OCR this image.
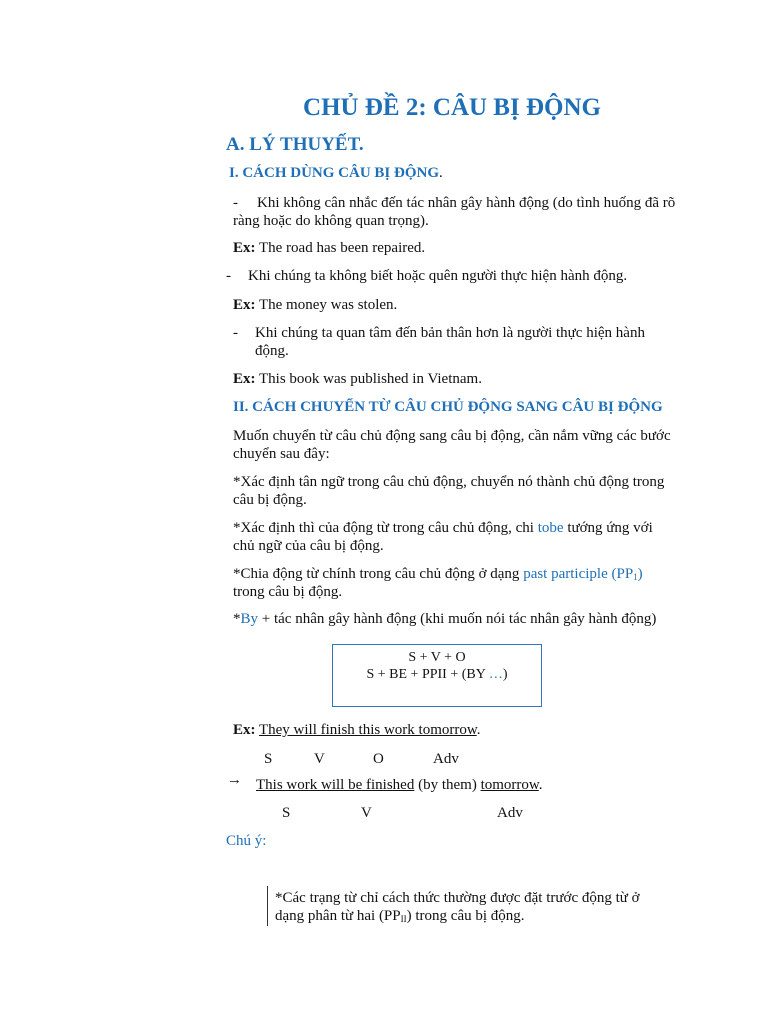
CHỦ ĐỀ 2: CÂU BỊ ĐỘNG
A. LÝ THUYẾT.
I. CÁCH DÙNG CÂU BỊ ĐỘNG.
- Khi không cân nhắc đến tác nhân gây hành động (do tình huống đã rõ
ràng hoặc do không quan trọng).
Ex: The road has been repaired.
- Khi chúng ta không biết hoặc quên người thực hiện hành động.
Ex: The money was stolen.
- Khi chúng ta quan tâm đến bản thân hơn là người thực hiện hành
động.
Ex: This book was published in Vietnam.
II. CÁCH CHUYỂN TỪ CÂU CHỦ ĐỘNG SANG CÂU BỊ ĐỘNG
Muốn chuyển từ câu chủ động sang câu bị động, cần nắm vững các bước
chuyển sau đây:
*Xác định tân ngữ trong câu chủ động, chuyển nó thành chủ động trong
câu bị động.
*Xác định thì của động từ trong câu chủ động, chi tobe tướng ứng với
chủ ngữ của câu bị động.
*Chia động từ chính trong câu chủ động ở dạng past participle $(PP_1)$
trong câu bị động.
*By + tác nhân gây hành động (khi muốn nói tác nhân gây hành động)
S + V + O
S + BE + PPII + (BY …)
Ex: They will finish this work tomorrow.
S	V	O	Adv
→ This work will be finished (by them) tomorrow.
S	V	Adv
Chú ý:
*Các trạng từ chỉ cách thức thường được đặt trước động từ ở
dạng phân từ hai $(PP_{II})$ trong câu bị động.
